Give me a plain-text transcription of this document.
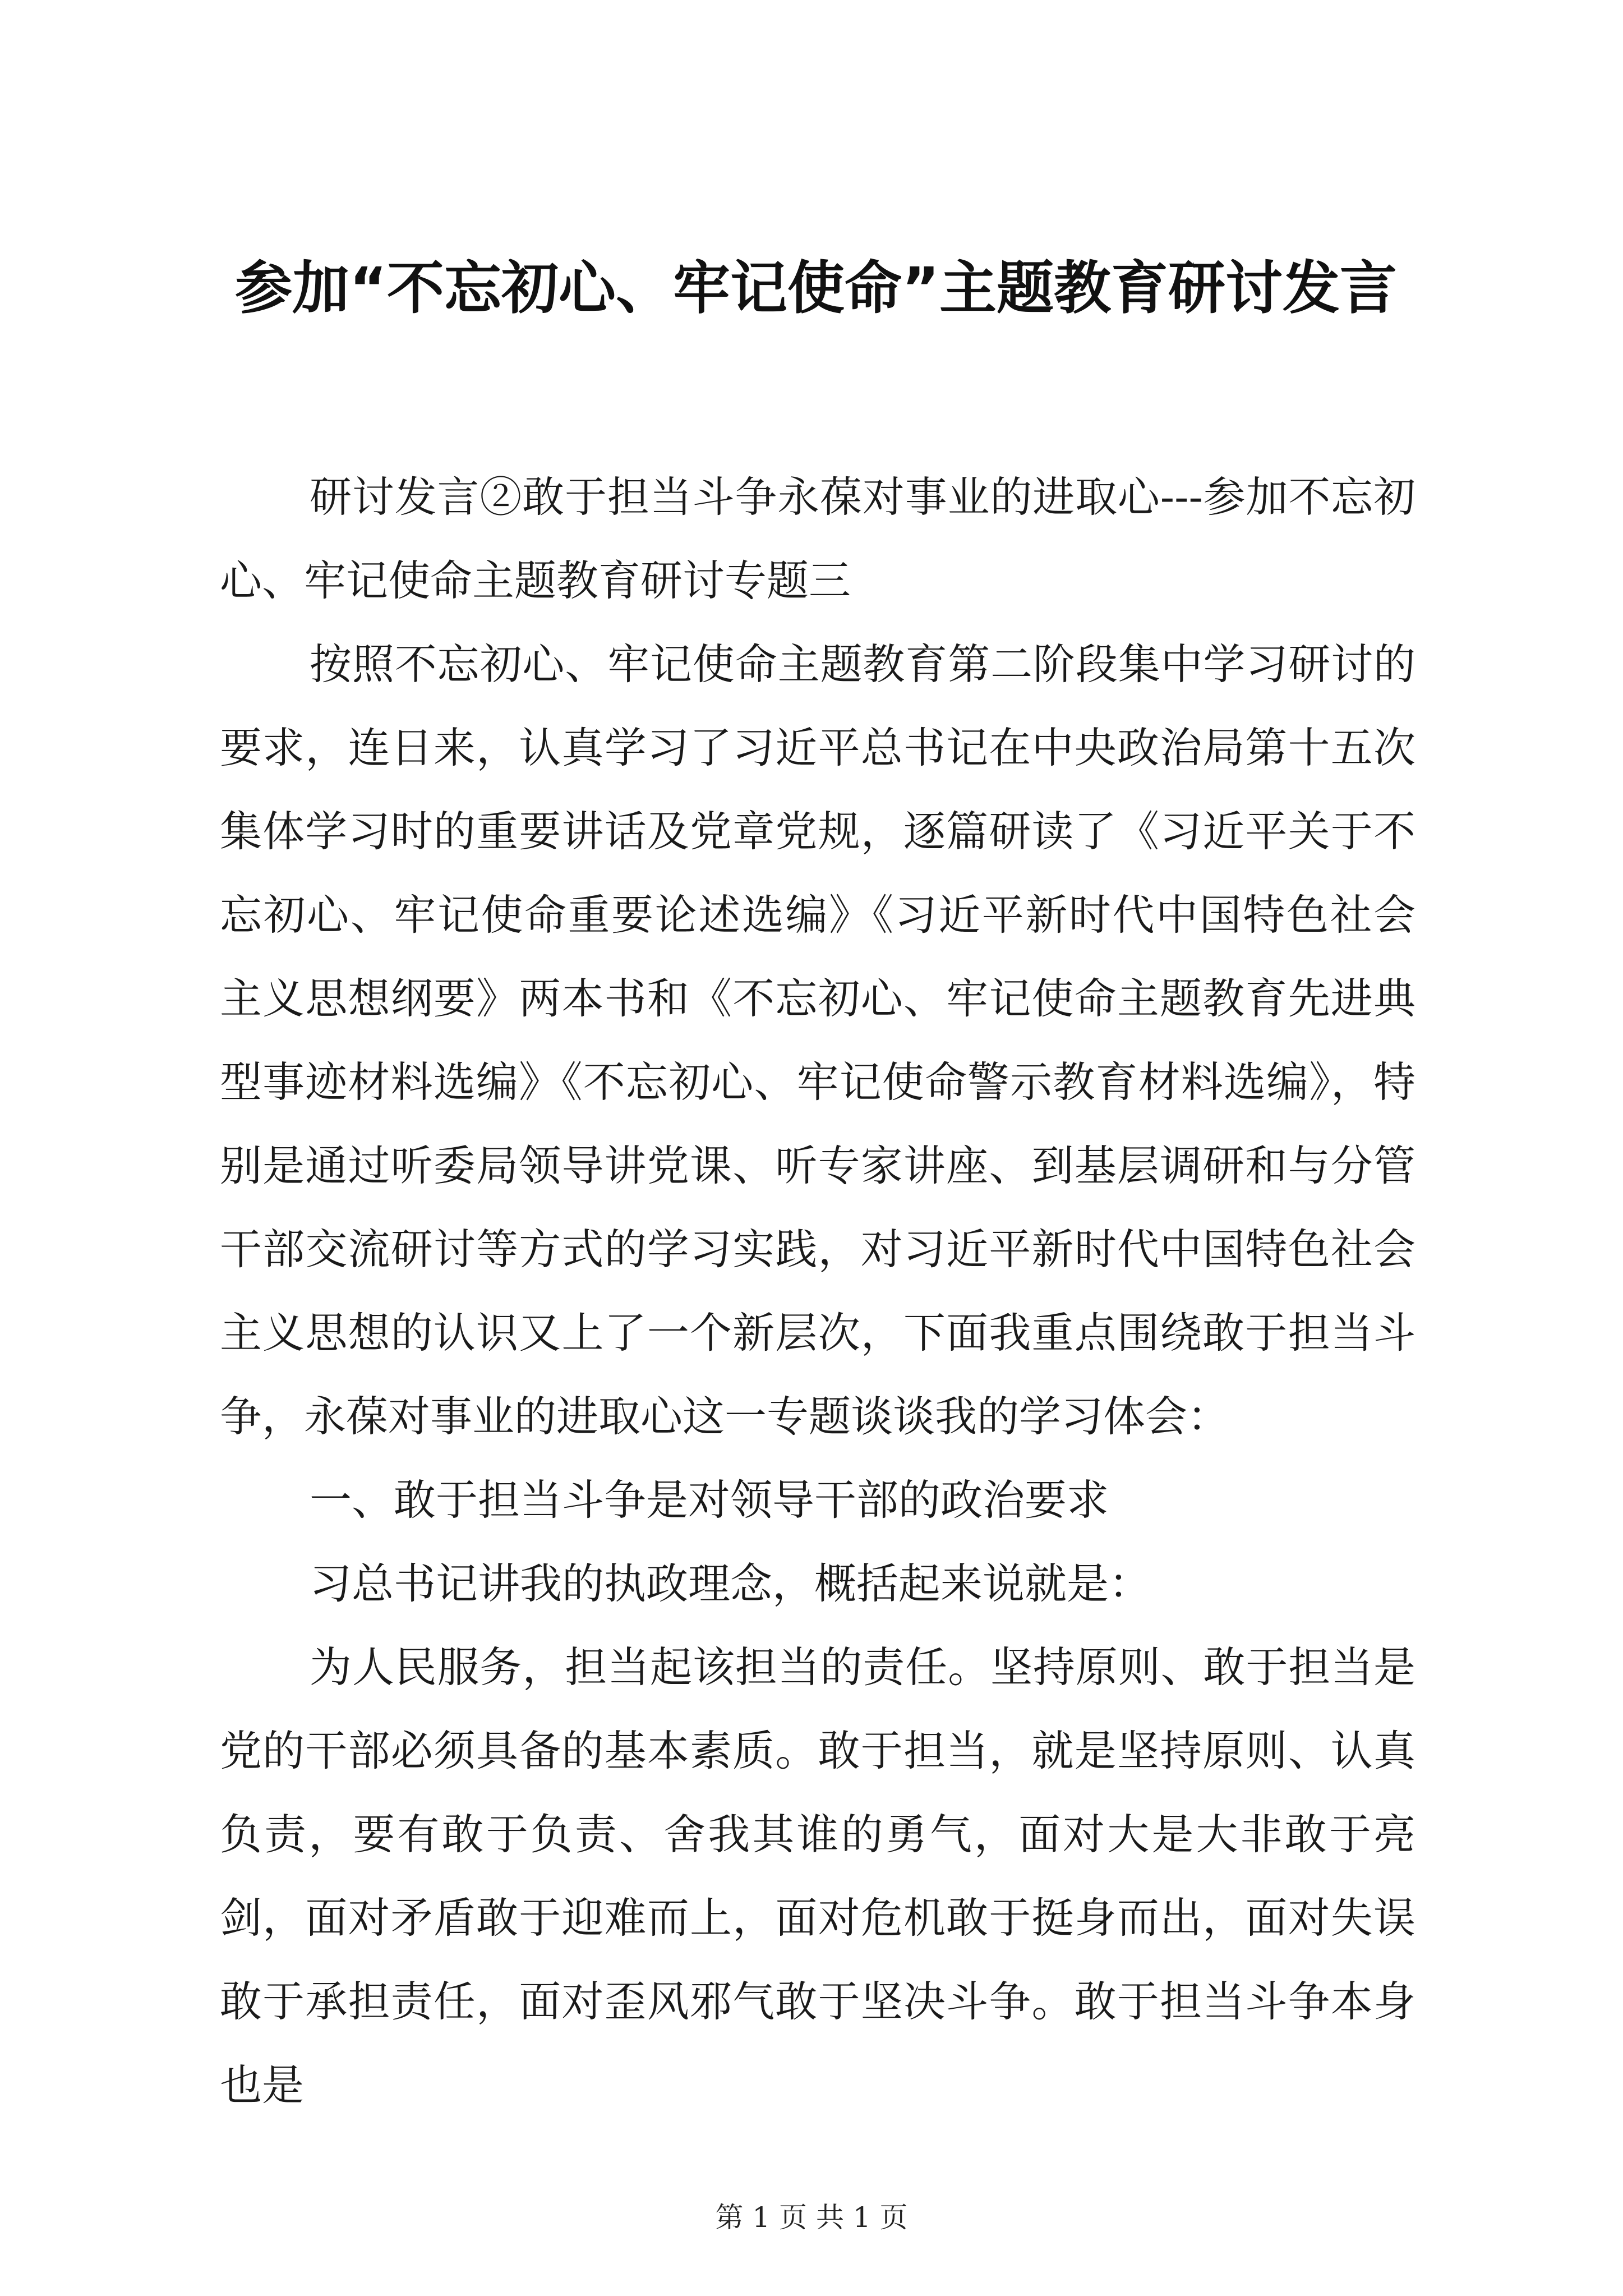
参加“不忘初心、牢记使命”主题教育研讨发言

研讨发言②敢于担当斗争永葆对事业的进取心---参加不忘初心、牢记使命主题教育研讨专题三

按照不忘初心、牢记使命主题教育第二阶段集中学习研讨的要求，连日来，认真学习了习近平总书记在中央政治局第十五次集体学习时的重要讲话及党章党规，逐篇研读了《习近平关于不忘初心、牢记使命重要论述选编》《习近平新时代中国特色社会主义思想纲要》两本书和《不忘初心、牢记使命主题教育先进典型事迹材料选编》《不忘初心、牢记使命警示教育材料选编》，特别是通过听委局领导讲党课、听专家讲座、到基层调研和与分管干部交流研讨等方式的学习实践，对习近平新时代中国特色社会主义思想的认识又上了一个新层次，下面我重点围绕敢于担当斗争，永葆对事业的进取心这一专题谈谈我的学习体会：

一、敢于担当斗争是对领导干部的政治要求

习总书记讲我的执政理念，概括起来说就是：

为人民服务，担当起该担当的责任。坚持原则、敢于担当是党的干部必须具备的基本素质。敢于担当，就是坚持原则、认真负责，要有敢于负责、舍我其谁的勇气，面对大是大非敢于亮剑，面对矛盾敢于迎难而上，面对危机敢于挺身而出，面对失误敢于承担责任，面对歪风邪气敢于坚决斗争。敢于担当斗争本身也是

第 1 页 共 1 页
